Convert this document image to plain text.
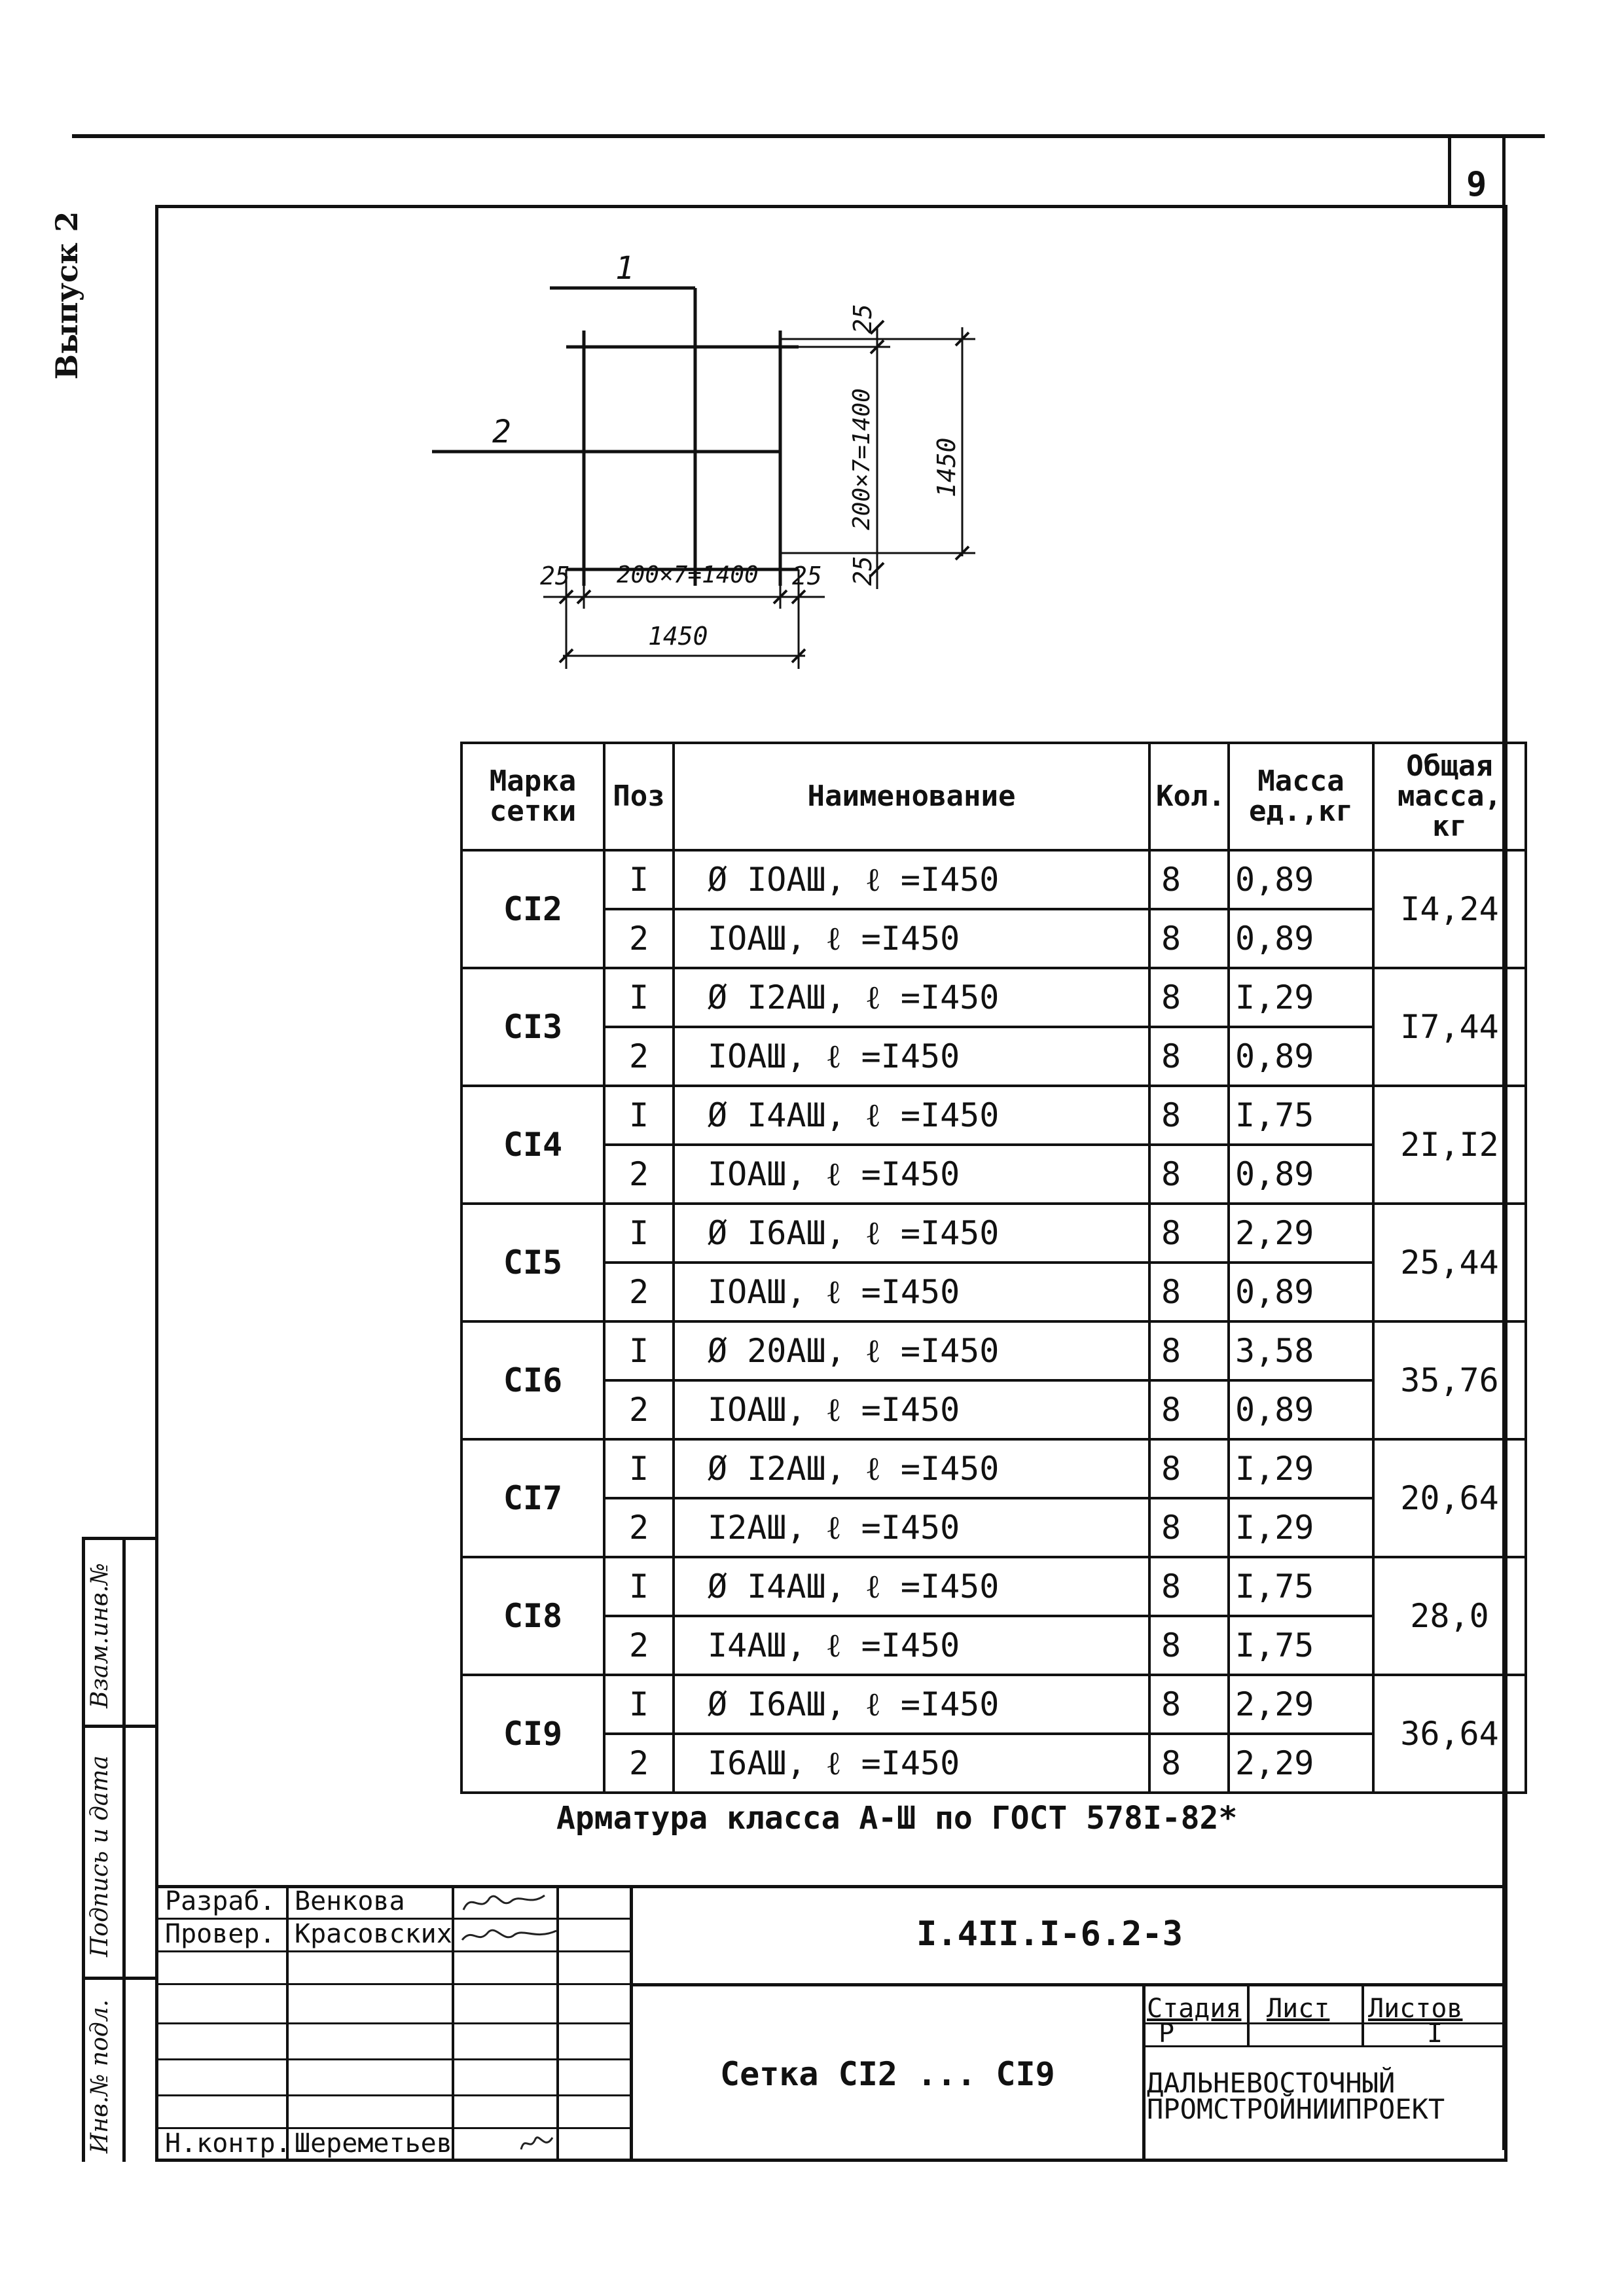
9
Выпуск 2
Взам.инв.№
Подпись и дата
Инв.№ подл.
1
2
25
200×7=1400 1450
25
25 200×7=1400 25
1450
Марка сетки	Поз	Наименование	Кол.	Масса ед.,кг	Общая масса, кг
СI2	I	Ø IOAШ, ℓ =I450	8	0,89	I4,24
	2	IOAШ, ℓ =I450	8	0,89	
СI3	I	Ø I2AШ, ℓ =I450	8	I,29	I7,44
	2	IOAШ, ℓ =I450	8	0,89	
СI4	I	Ø I4AШ, ℓ =I450	8	I,75	2I,I2
	2	IOAШ, ℓ =I450	8	0,89	
СI5	I	Ø I6AШ, ℓ =I450	8	2,29	25,44
	2	IOAШ, ℓ =I450	8	0,89	
СI6	I	Ø 20AШ, ℓ =I450	8	3,58	35,76
	2	IOAШ, ℓ =I450	8	0,89	
СI7	I	Ø I2AШ, ℓ =I450	8	I,29	20,64
	2	I2AШ, ℓ =I450	8	I,29	
СI8	I	Ø I4AШ, ℓ =I450	8	I,75	28,0
	2	I4AШ, ℓ =I450	8	I,75	
СI9	I	Ø I6AШ, ℓ =I450	8	2,29	36,64
	2	I6AШ, ℓ =I450	8	2,29	
Арматура класса А-Ш по ГОСТ 578I-82*
Разраб. Венкова
Провер. Красовских
Н.контр. Шереметьев
I.4II.I-6.2-3
Сетка СI2 ... СI9
Стадия Лист Листов
Р	I
ДАЛЬНЕВОСТОЧНЫЙ
ПРОМСТРОЙНИИПРОЕКТ
